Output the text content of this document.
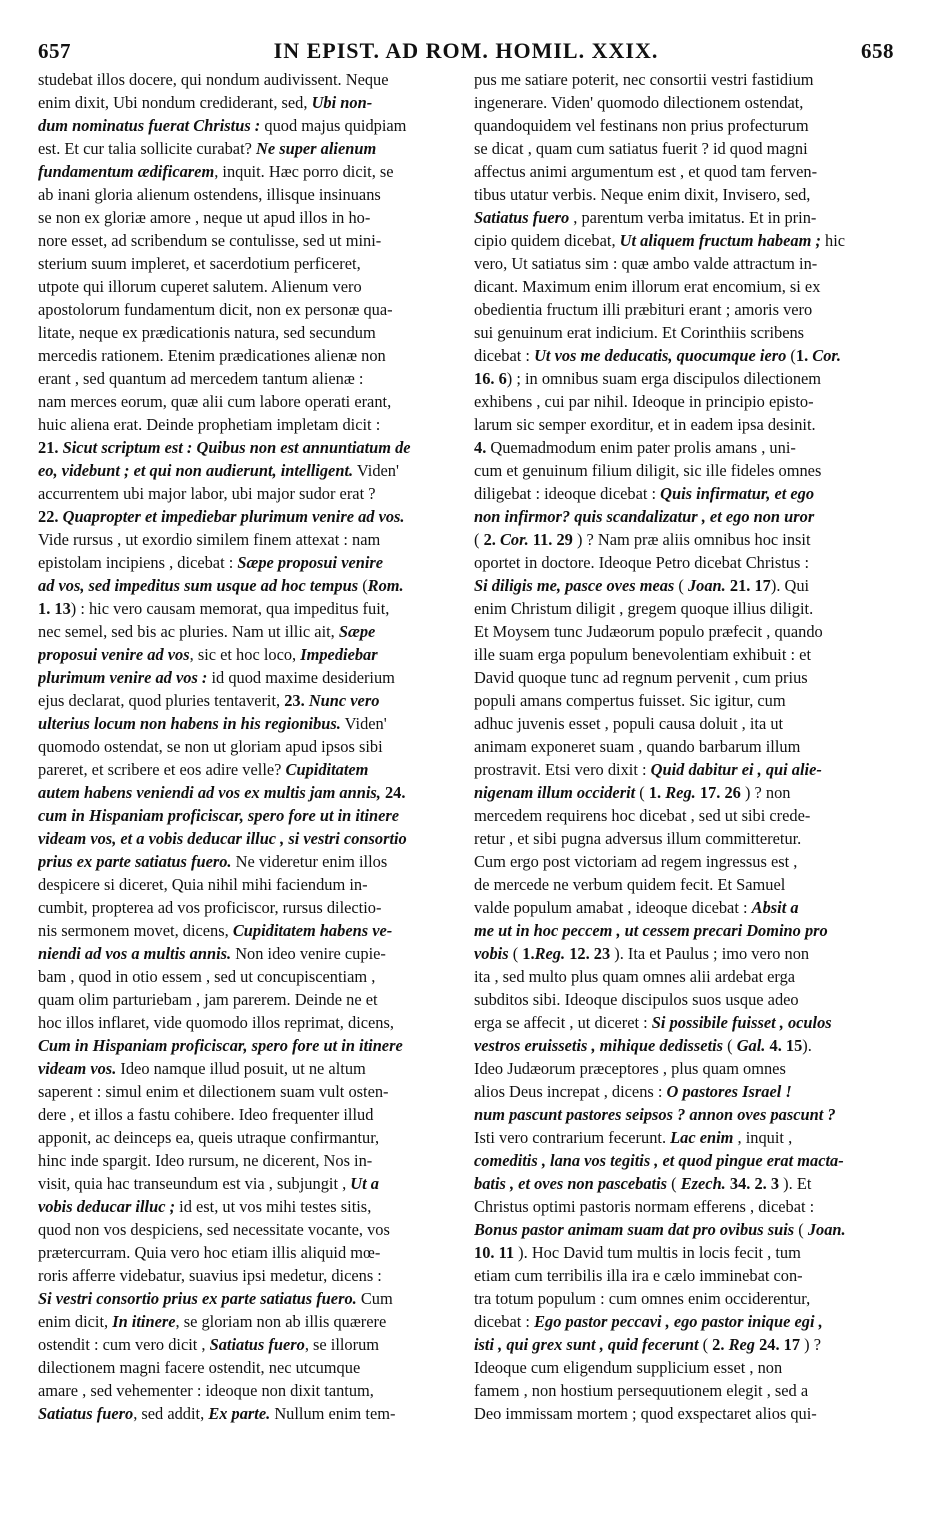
657	IN EPIST. AD ROM. HOMIL. XXIX.	658
studebat illos docere, qui nondum audivissent. Neque
enim dixit, Ubi nondum crediderant, sed, Ubi non-
dum nominatus fuerat Christus : quod majus quidpiam
est. Et cur talia sollicite curabat? Ne super alienum
fundamentum ædificarem, inquit. Hæc porro dicit, se
ab inani gloria alienum ostendens, illisque insinuans
se non ex gloriæ amore , neque ut apud illos in ho-
nore esset, ad scribendum se contulisse, sed ut mini-
sterium suum impleret, et sacerdotium perficeret,
utpote qui illorum cuperet salutem. Alienum vero
apostolorum fundamentum dicit, non ex personæ qua-
litate, neque ex prædicationis natura, sed secundum
mercedis rationem. Etenim prædicationes alienæ non
erant , sed quantum ad mercedem tantum alienæ :
nam merces eorum, quæ alii cum labore operati erant,
huic aliena erat. Deinde prophetiam impletam dicit :
21. Sicut scriptum est : Quibus non est annuntiatum de
eo, videbunt ; et qui non audierunt, intelligent. Viden'
accurrentem ubi major labor, ubi major sudor erat ?
22. Quapropter et impediebar plurimum venire ad vos.
Vide rursus , ut exordio similem finem attexat : nam
epistolam incipiens , dicebat : Sæpe proposui venire
ad vos, sed impeditus sum usque ad hoc tempus (Rom.
1. 13) : hic vero causam memorat, qua impeditus fuit,
nec semel, sed bis ac pluries. Nam ut illic ait, Sæpe
proposui venire ad vos, sic et hoc loco, Impediebar
plurimum venire ad vos : id quod maxime desiderium
ejus declarat, quod pluries tentaverit, 23. Nunc vero
ulterius locum non habens in his regionibus. Viden'
quomodo ostendat, se non ut gloriam apud ipsos sibi
pareret, et scribere et eos adire velle? Cupiditatem
autem habens veniendi ad vos ex multis jam annis, 24.
cum in Hispaniam proficiscar, spero fore ut in itinere
videam vos, et a vobis deducar illuc , si vestri consortio
prius ex parte satiatus fuero. Ne videretur enim illos
despicere si diceret, Quia nihil mihi faciendum in-
cumbit, propterea ad vos proficiscor, rursus dilectio-
nis sermonem movet, dicens, Cupiditatem habens ve-
niendi ad vos a multis annis. Non ideo venire cupie-
bam , quod in otio essem , sed ut concupiscentiam ,
quam olim parturiebam , jam parerem. Deinde ne et
hoc illos inflaret, vide quomodo illos reprimat, dicens,
Cum in Hispaniam proficiscar, spero fore ut in itinere
videam vos. Ideo namque illud posuit, ut ne altum
saperent : simul enim et dilectionem suam vult osten-
dere , et illos a fastu cohibere. Ideo frequenter illud
apponit, ac deinceps ea, queis utraque confirmantur,
hinc inde spargit. Ideo rursum, ne dicerent, Nos in-
visit, quia hac transeundum est via , subjungit , Ut a
vobis deducar illuc ; id est, ut vos mihi testes sitis,
quod non vos despiciens, sed necessitate vocante, vos
prætercurram. Quia vero hoc etiam illis aliquid mœ-
roris afferre videbatur, suavius ipsi medetur, dicens :
Si vestri consortio prius ex parte satiatus fuero. Cum
enim dicit, In itinere, se gloriam non ab illis quærere
ostendit : cum vero dicit , Satiatus fuero, se illorum
dilectionem magni facere ostendit, nec utcumque
amare , sed vehementer : ideoque non dixit tantum,
Satiatus fuero, sed addit, Ex parte. Nullum enim tem-
pus me satiare poterit, nec consortii vestri fastidium
ingenerare. Viden' quomodo dilectionem ostendat,
quandoquidem vel festinans non prius profecturum
se dicat , quam cum satiatus fuerit ? id quod magni
affectus animi argumentum est , et quod tam ferven-
tibus utatur verbis. Neque enim dixit, Invisero, sed,
Satiatus fuero , parentum verba imitatus. Et in prin-
cipio quidem dicebat, Ut aliquem fructum habeam ; hic
vero, Ut satiatus sim : quæ ambo valde attractum in-
dicant. Maximum enim illorum erat encomium, si ex
obedientia fructum illi præbituri erant ; amoris vero
sui genuinum erat indicium. Et Corinthiis scribens
dicebat : Ut vos me deducatis, quocumque iero (1. Cor.
16. 6) ; in omnibus suam erga discipulos dilectionem
exhibens , cui par nihil. Ideoque in principio episto-
larum sic semper exorditur, et in eadem ipsa desinit.
4. Quemadmodum enim pater prolis amans , uni-
cum et genuinum filium diligit, sic ille fideles omnes
diligebat : ideoque dicebat : Quis infirmatur, et ego
non infirmor? quis scandalizatur , et ego non uror
( 2. Cor. 11. 29 ) ? Nam præ aliis omnibus hoc insit
oportet in doctore. Ideoque Petro dicebat Christus :
Si diligis me, pasce oves meas ( Joan. 21. 17). Qui
enim Christum diligit , gregem quoque illius diligit.
Et Moysem tunc Judæorum populo præfecit , quando
ille suam erga populum benevolentiam exhibuit : et
David quoque tunc ad regnum pervenit , cum prius
populi amans compertus fuisset. Sic igitur, cum
adhuc juvenis esset , populi causa doluit , ita ut
animam exponeret suam , quando barbarum illum
prostravit. Etsi vero dixit : Quid dabitur ei , qui alie-
nigenam illum occiderit ( 1. Reg. 17. 26 ) ? non
mercedem requirens hoc dicebat , sed ut sibi crede-
retur , et sibi pugna adversus illum committeretur.
Cum ergo post victoriam ad regem ingressus est ,
de mercede ne verbum quidem fecit. Et Samuel
valde populum amabat , ideoque dicebat : Absit a
me ut in hoc peccem , ut cessem precari Domino pro
vobis ( 1.Reg. 12. 23 ). Ita et Paulus ; imo vero non
ita , sed multo plus quam omnes alii ardebat erga
subditos sibi. Ideoque discipulos suos usque adeo
erga se affecit , ut diceret : Si possibile fuisset , oculos
vestros eruissetis , mihique dedissetis ( Gal. 4. 15).
Ideo Judæorum præceptores , plus quam omnes
alios Deus increpat , dicens : O pastores Israel !
num pascunt pastores seipsos ? annon oves pascunt ?
Isti vero contrarium fecerunt. Lac enim , inquit ,
comeditis , lana vos tegitis , et quod pingue erat macta-
batis , et oves non pascebatis ( Ezech. 34. 2. 3 ). Et
Christus optimi pastoris normam efferens , dicebat :
Bonus pastor animam suam dat pro ovibus suis ( Joan.
10. 11 ). Hoc David tum multis in locis fecit , tum
etiam cum terribilis illa ira e cælo imminebat con-
tra totum populum : cum omnes enim occiderentur,
dicebat : Ego pastor peccavi , ego pastor inique egi ,
isti , qui grex sunt , quid fecerunt ( 2. Reg 24. 17 ) ?
Ideoque cum eligendum supplicium esset , non
famem , non hostium persequutionem elegit , sed a
Deo immissam mortem ; quod exspectaret alios qui-
